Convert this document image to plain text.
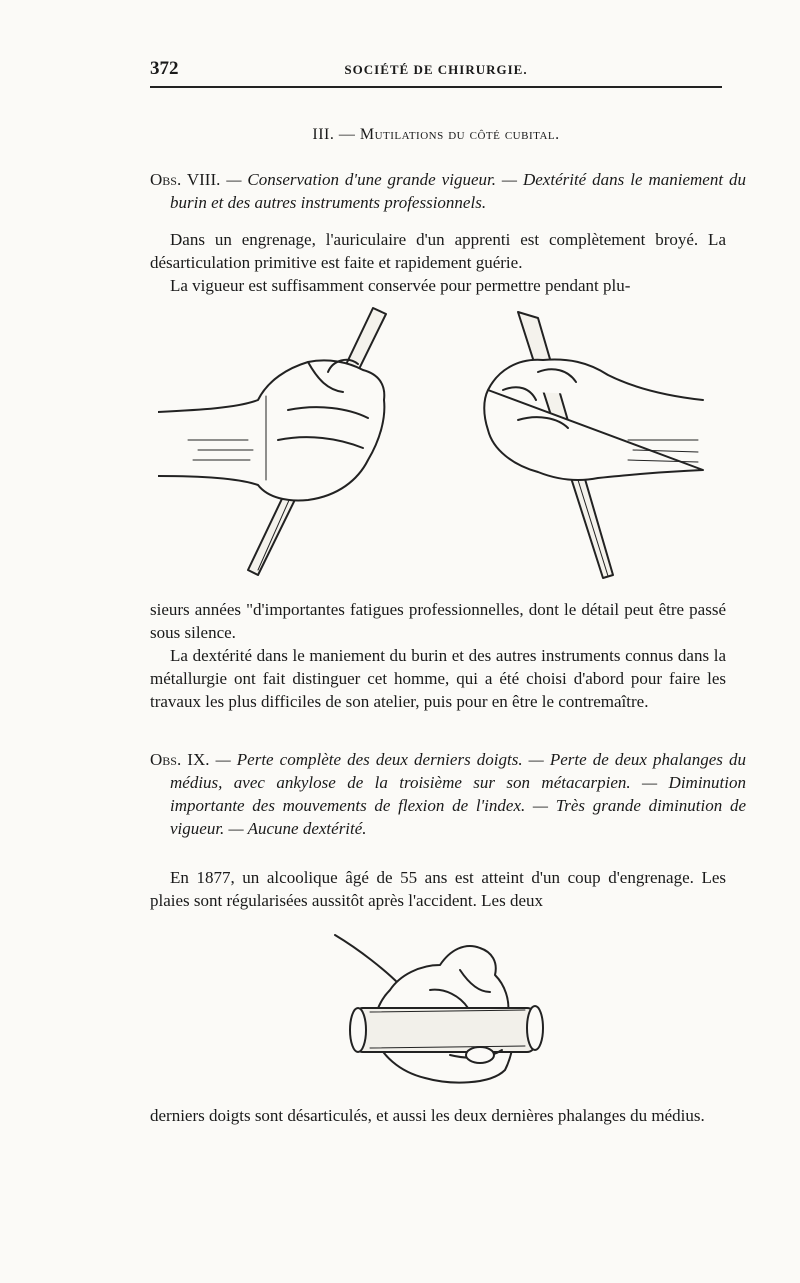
372	SOCIÉTÉ DE CHIRURGIE.
III. — Mutilations du côté cubital.
Obs. VIII. — Conservation d'une grande vigueur. — Dextérité dans le maniement du burin et des autres instruments professionnels.

Dans un engrenage, l'auriculaire d'un apprenti est complètement broyé. La désarticulation primitive est faite et rapidement guérie.

La vigueur est suffisamment conservée pour permettre pendant plu-

sieurs années "d'importantes fatigues professionnelles, dont le détail peut être passé sous silence.

La dextérité dans le maniement du burin et des autres instruments connus dans la métallurgie ont fait distinguer cet homme, qui a été choisi d'abord pour faire les travaux les plus difficiles de son atelier, puis pour en être le contremaître.

Obs. IX. — Perte complète des deux derniers doigts. — Perte de deux phalanges du médius, avec ankylose de la troisième sur son métacarpien. — Diminution importante des mouvements de flexion de l'index. — Très grande diminution de vigueur. — Aucune dextérité.

En 1877, un alcoolique âgé de 55 ans est atteint d'un coup d'engrenage. Les plaies sont régularisées aussitôt après l'accident. Les deux

derniers doigts sont désarticulés, et aussi les deux dernières phalanges du médius.
